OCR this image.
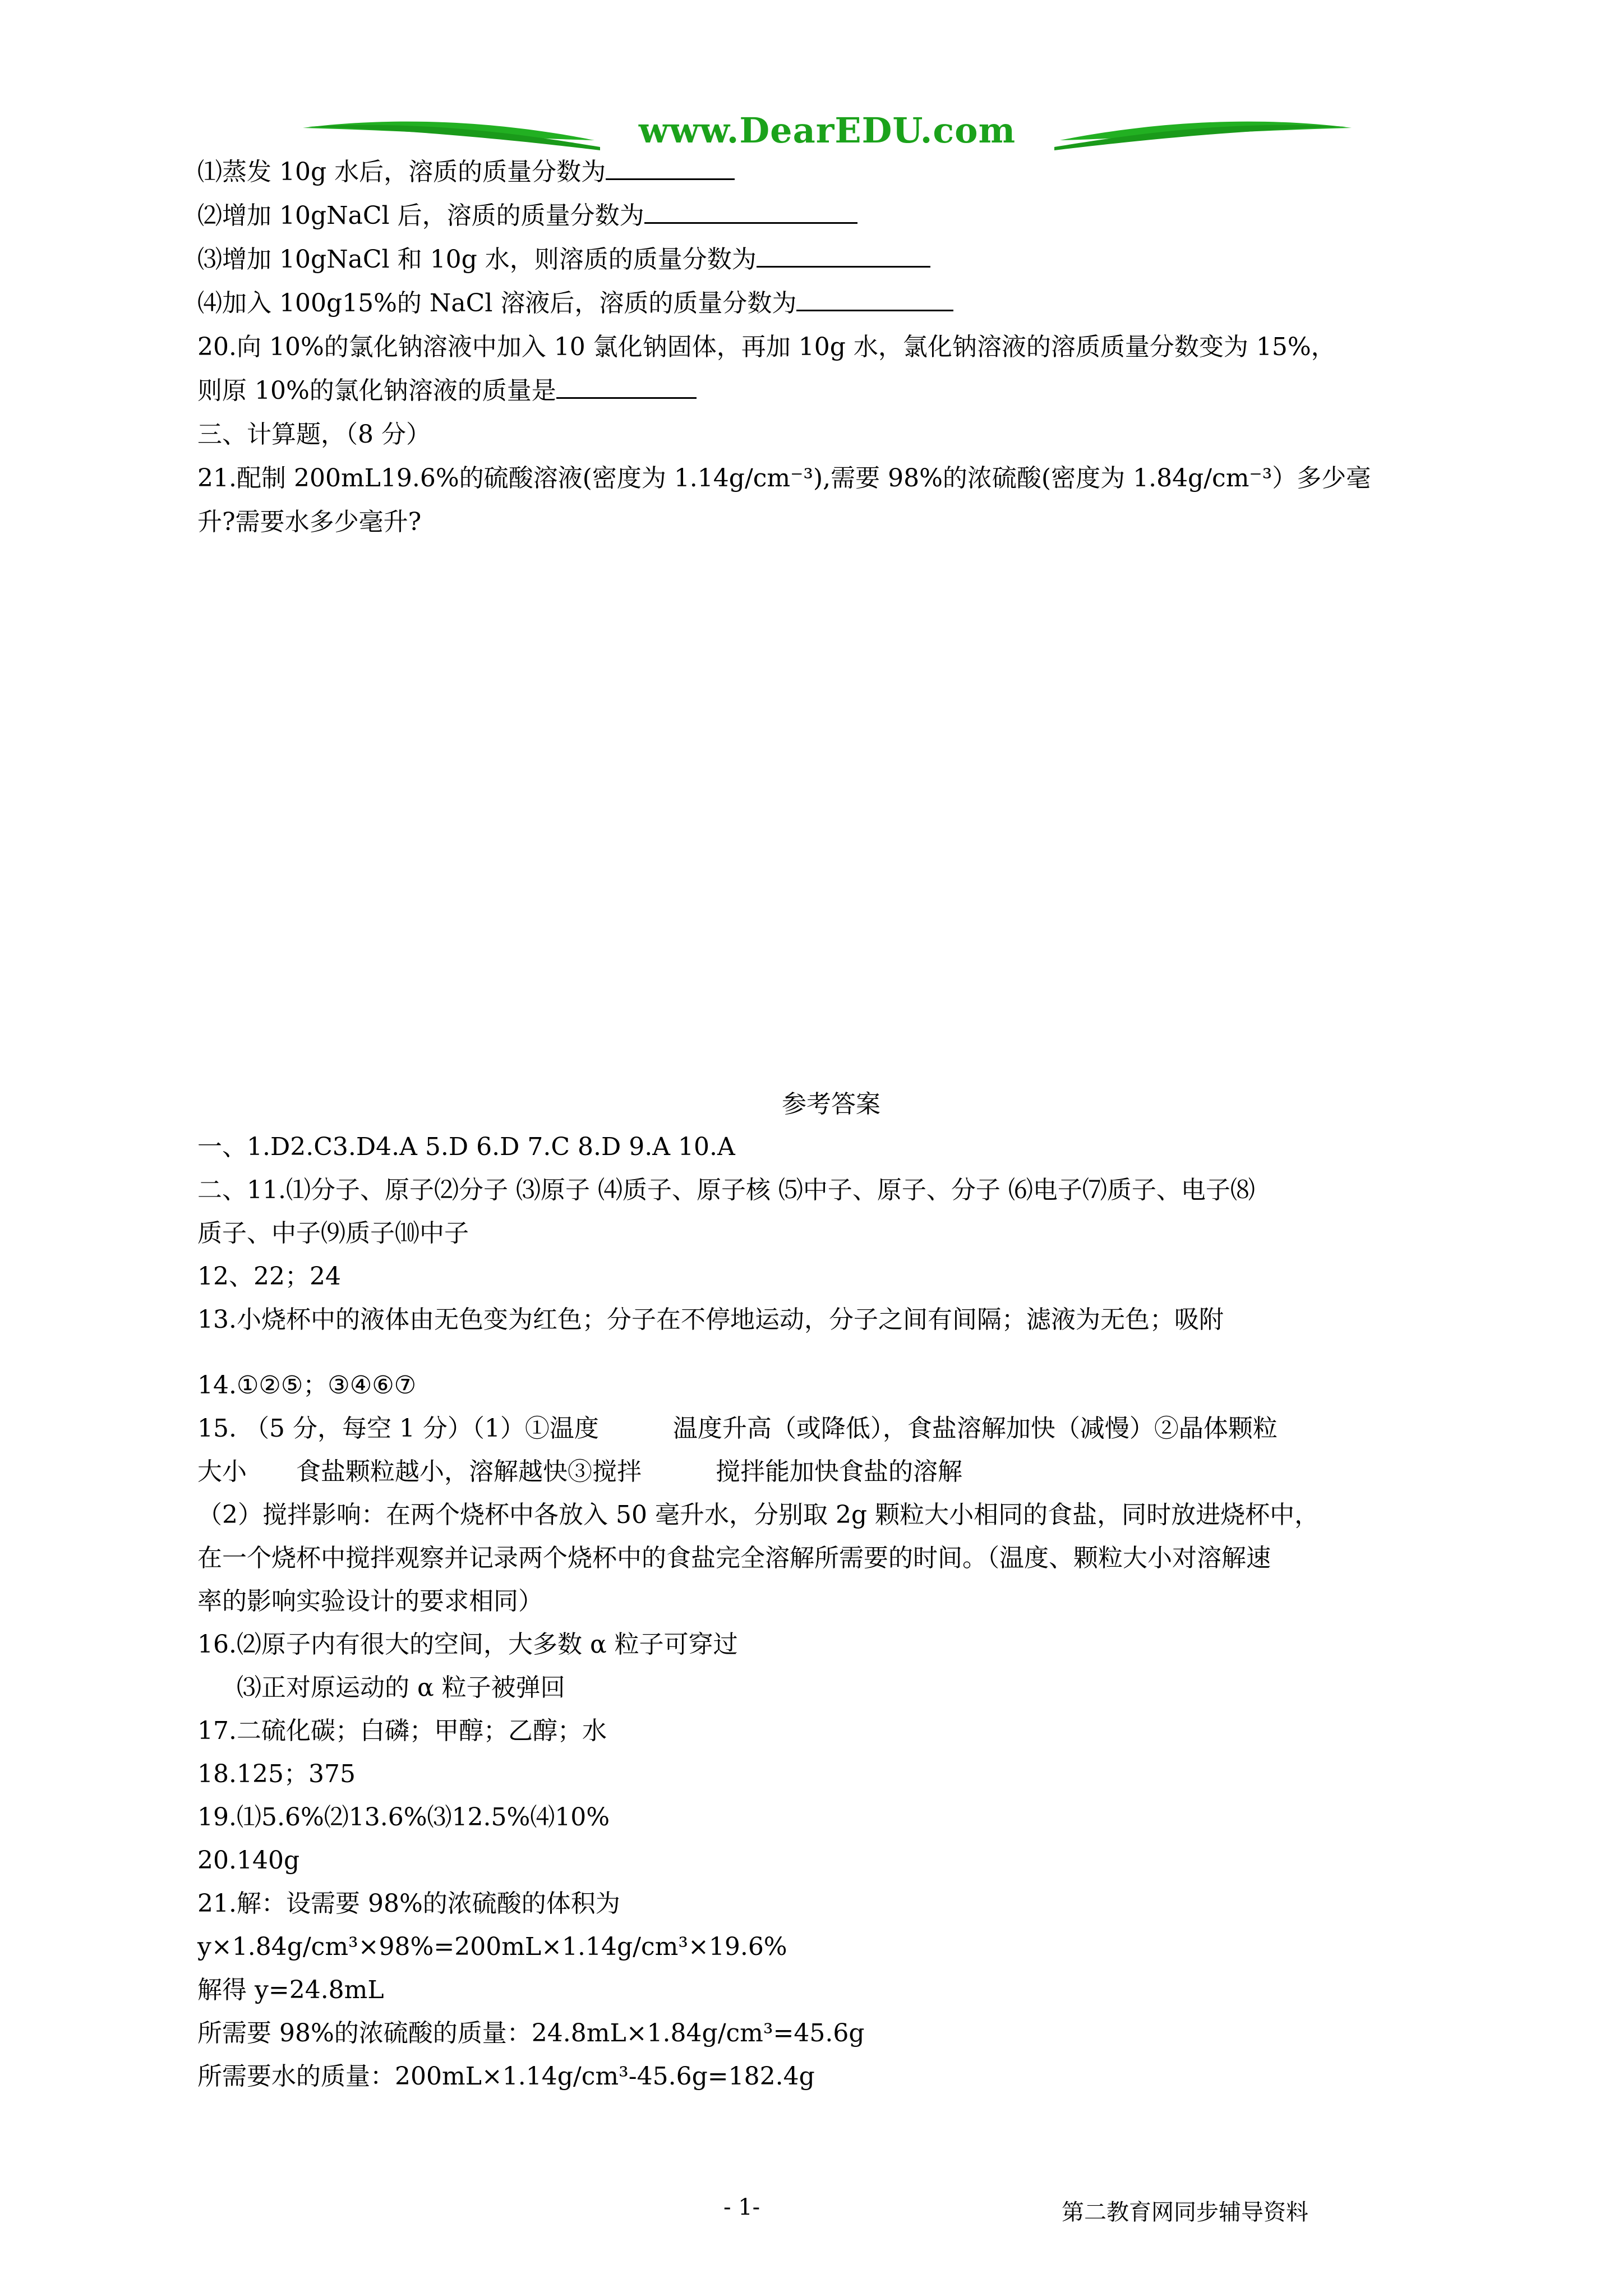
www.DearEDU.com
⑴蒸发 10g 水后，溶质的质量分数为
⑵增加 10gNaCl 后，溶质的质量分数为
⑶增加 10gNaCl 和 10g 水，则溶质的质量分数为
⑷加入 100g15%的 NaCl 溶液后，溶质的质量分数为
20.向 10%的氯化钠溶液中加入 10 氯化钠固体，再加 10g 水，氯化钠溶液的溶质质量分数变为 15%，
则原 10%的氯化钠溶液的质量是
三、计算题，（8 分）
21.配制 200mL19.6%的硫酸溶液(密度为 1.14g/cm⁻³),需要 98%的浓硫酸(密度为 1.84g/cm⁻³）多少毫
升?需要水多少毫升?
参考答案
一、1.D2.C3.D4.A 5.D 6.D 7.C 8.D 9.A 10.A
二、11.⑴分子、原子⑵分子 ⑶原子 ⑷质子、原子核 ⑸中子、原子、分子 ⑹电子⑺质子、电子⑻
质子、中子⑼质子⑽中子
12、22；24
13.小烧杯中的液体由无色变为红色；分子在不停地运动，分子之间有间隔；滤液为无色；吸附
14.①②⑤；③④⑥⑦
15. （5 分，每空 1 分）（1）①温度　　　温度升高（或降低），食盐溶解加快（减慢）②晶体颗粒
大小　　食盐颗粒越小，溶解越快③搅拌　　　搅拌能加快食盐的溶解
（2）搅拌影响：在两个烧杯中各放入 50 毫升水，分别取 2g 颗粒大小相同的食盐，同时放进烧杯中，
在一个烧杯中搅拌观察并记录两个烧杯中的食盐完全溶解所需要的时间。（温度、颗粒大小对溶解速
率的影响实验设计的要求相同）
16.⑵原子内有很大的空间，大多数 α 粒子可穿过
⑶正对原运动的 α 粒子被弹回
17.二硫化碳；白磷；甲醇；乙醇；水
18.125；375
19.⑴5.6%⑵13.6%⑶12.5%⑷10%
20.140g
21.解：设需要 98%的浓硫酸的体积为
y×1.84g/cm³×98%=200mL×1.14g/cm³×19.6%
解得 y=24.8mL
所需要 98%的浓硫酸的质量：24.8mL×1.84g/cm³=45.6g
所需要水的质量：200mL×1.14g/cm³-45.6g=182.4g
- 1-	第二教育网同步辅导资料
